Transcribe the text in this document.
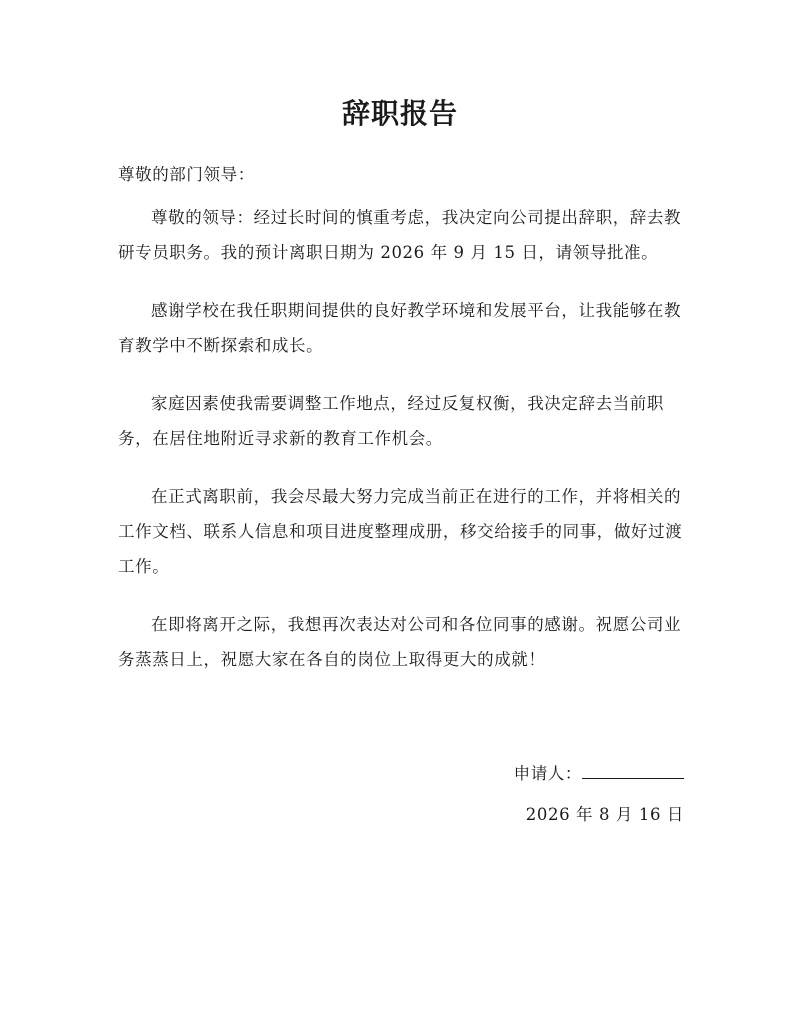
辞职报告
尊敬的部门领导：

尊敬的领导：经过长时间的慎重考虑，我决定向公司提出辞职，辞去教研专员职务。我的预计离职日期为 2026 年 9 月 15 日，请领导批准。

感谢学校在我任职期间提供的良好教学环境和发展平台，让我能够在教育教学中不断探索和成长。

家庭因素使我需要调整工作地点，经过反复权衡，我决定辞去当前职务，在居住地附近寻求新的教育工作机会。

在正式离职前，我会尽最大努力完成当前正在进行的工作，并将相关的工作文档、联系人信息和项目进度整理成册，移交给接手的同事，做好过渡工作。

在即将离开之际，我想再次表达对公司和各位同事的感谢。祝愿公司业务蒸蒸日上，祝愿大家在各自的岗位上取得更大的成就！

申请人：
2026 年 8 月 16 日
